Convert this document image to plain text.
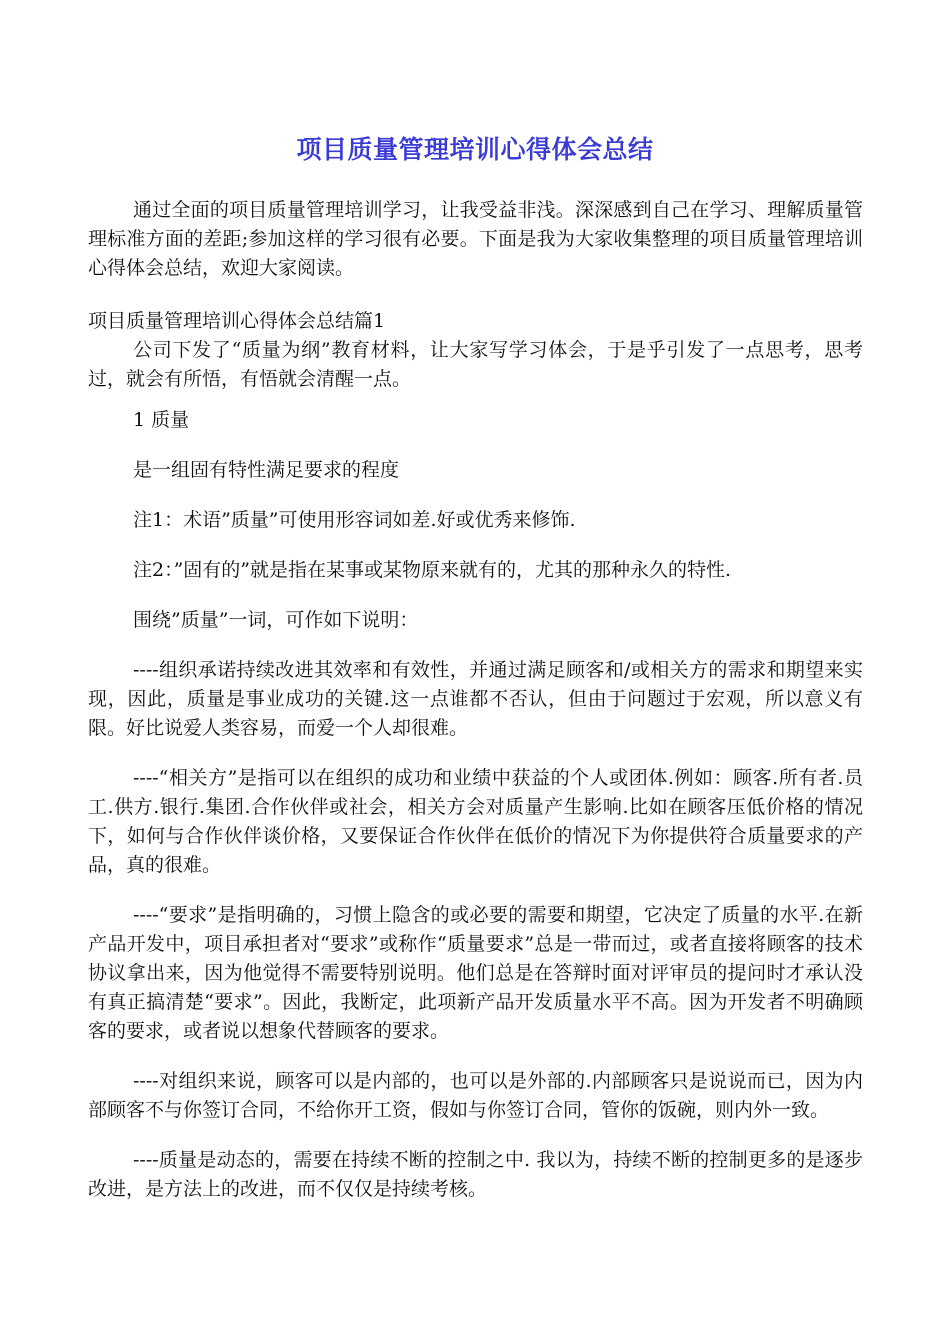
项目质量管理培训心得体会总结

通过全面的项目质量管理培训学习，让我受益非浅。深深感到自己在学习、理解质量管理标准方面的差距;参加这样的学习很有必要。下面是我为大家收集整理的项目质量管理培训心得体会总结，欢迎大家阅读。

项目质量管理培训心得体会总结篇1

公司下发了“质量为纲”教育材料，让大家写学习体会，于是乎引发了一点思考，思考过，就会有所悟，有悟就会清醒一点。

1 质量

是一组固有特性满足要求的程度

注1：术语”质量”可使用形容词如差.好或优秀来修饰.

注2：”固有的”就是指在某事或某物原来就有的，尤其的那种永久的特性.

围绕”质量”一词，可作如下说明：

----组织承诺持续改进其效率和有效性，并通过满足顾客和/或相关方的需求和期望来实现，因此，质量是事业成功的关键.这一点谁都不否认，但由于问题过于宏观，所以意义有限。好比说爱人类容易，而爱一个人却很难。

----“相关方”是指可以在组织的成功和业绩中获益的个人或团体.例如：顾客.所有者.员工.供方.银行.集团.合作伙伴或社会，相关方会对质量产生影响.比如在顾客压低价格的情况下，如何与合作伙伴谈价格，又要保证合作伙伴在低价的情况下为你提供符合质量要求的产品，真的很难。

----“要求”是指明确的，习惯上隐含的或必要的需要和期望，它决定了质量的水平.在新产品开发中，项目承担者对“要求”或称作“质量要求”总是一带而过，或者直接将顾客的技术协议拿出来，因为他觉得不需要特别说明。他们总是在答辩时面对评审员的提问时才承认没有真正搞清楚“要求”。因此，我断定，此项新产品开发质量水平不高。因为开发者不明确顾客的要求，或者说以想象代替顾客的要求。

----对组织来说，顾客可以是内部的，也可以是外部的.内部顾客只是说说而已，因为内部顾客不与你签订合同，不给你开工资，假如与你签订合同，管你的饭碗，则内外一致。

----质量是动态的，需要在持续不断的控制之中. 我以为，持续不断的控制更多的是逐步改进，是方法上的改进，而不仅仅是持续考核。
